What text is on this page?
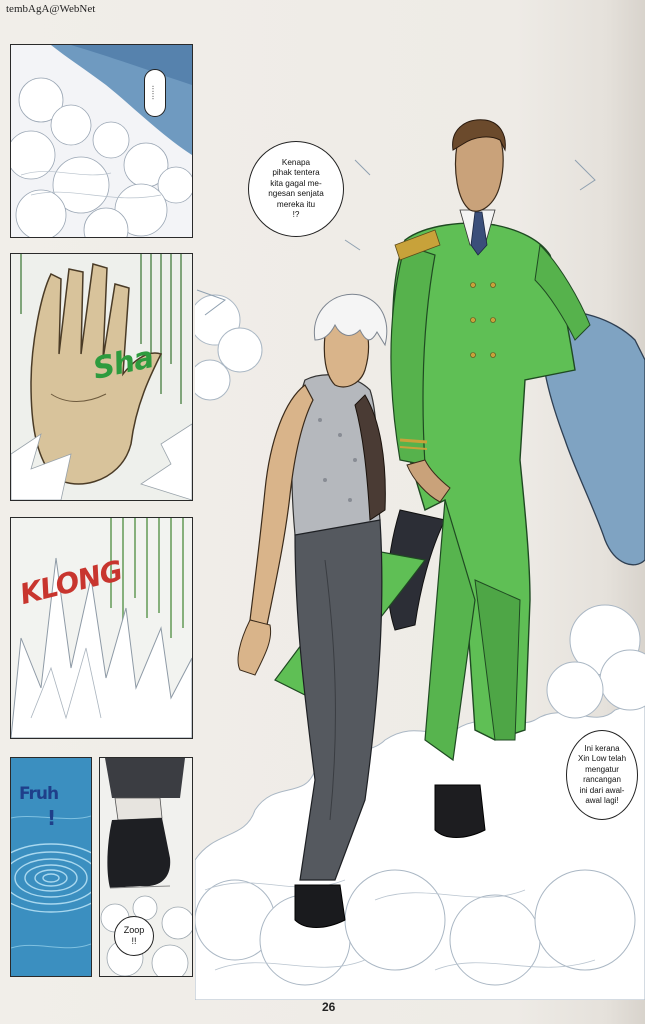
tembAgA@WebNet
......
Sha
KLONG
Fruh
!
Zoop
!!
Kenapa
pihak tentera
kita gagal me-
ngesan senjata
mereka itu
!?
Ini kerana
Xin Low telah
mengatur
rancangan
ini dari awal-
awal lagi!
26
